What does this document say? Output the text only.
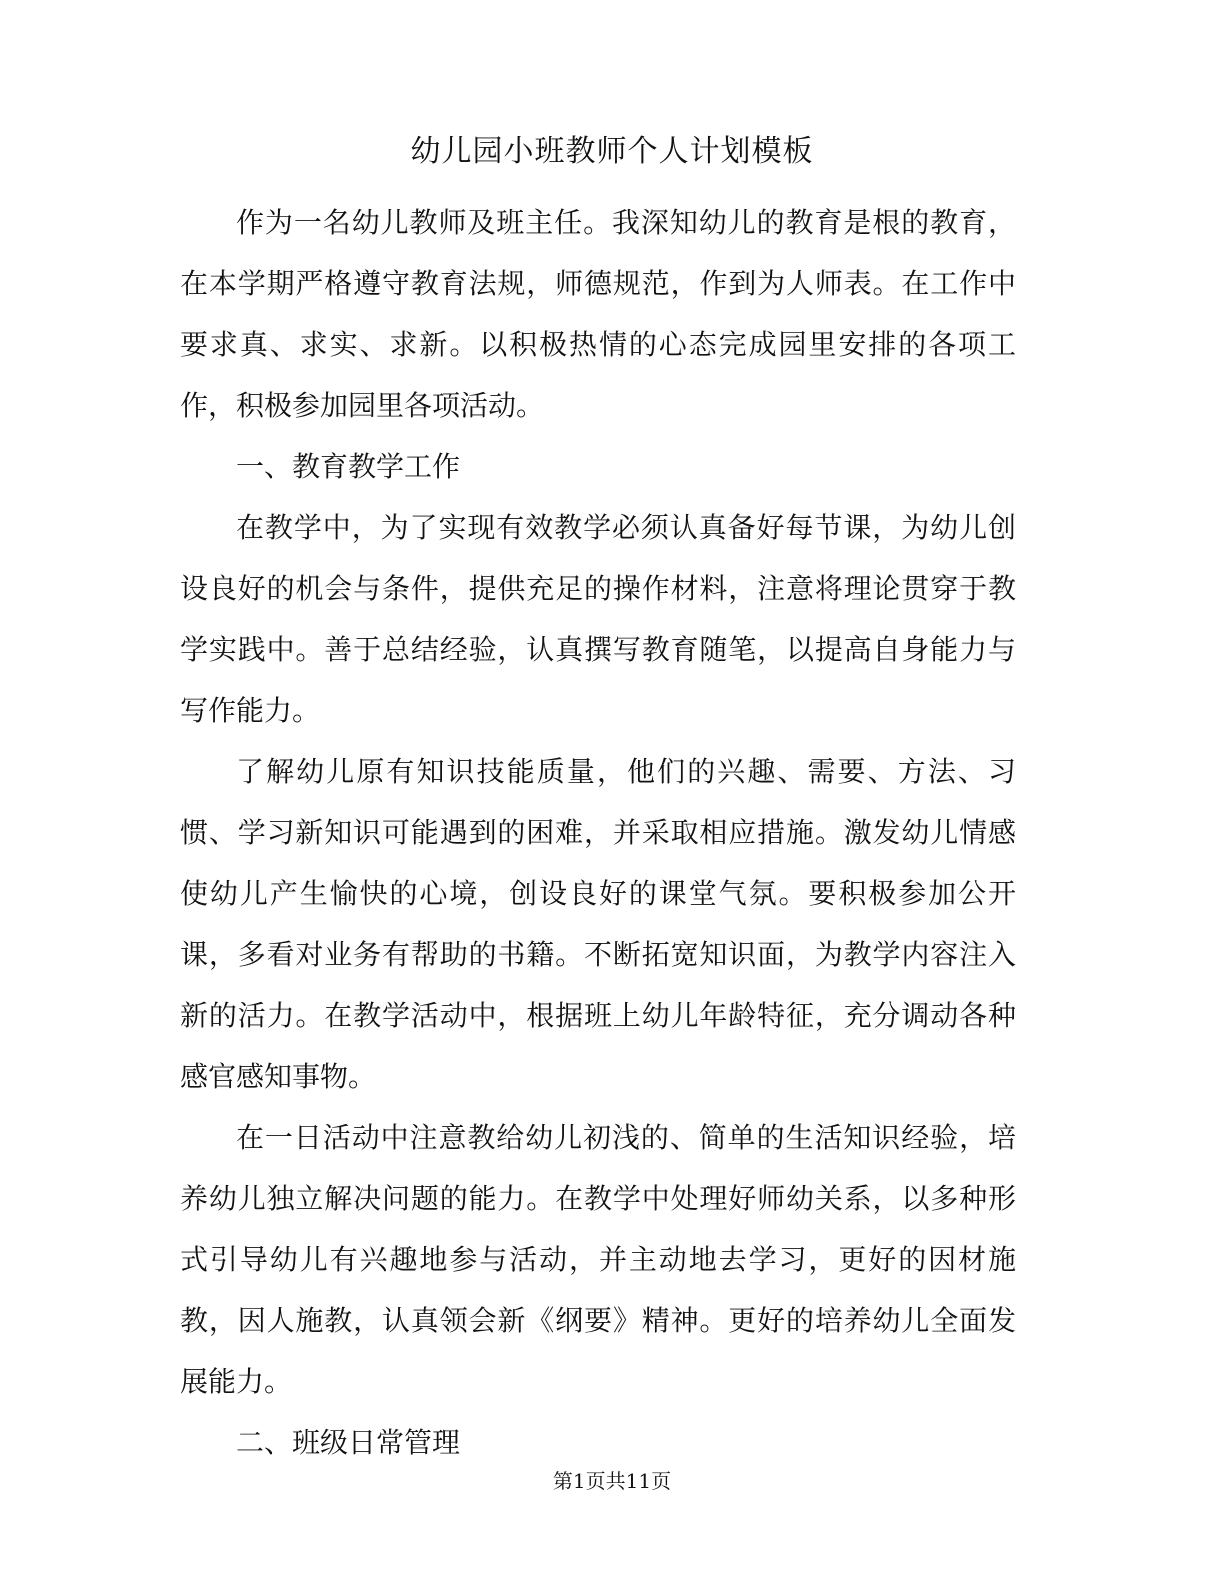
幼儿园小班教师个人计划模板

作为一名幼儿教师及班主任。我深知幼儿的教育是根的教育，在本学期严格遵守教育法规，师德规范，作到为人师表。在工作中要求真、求实、求新。以积极热情的心态完成园里安排的各项工作，积极参加园里各项活动。

一、教育教学工作

在教学中，为了实现有效教学必须认真备好每节课，为幼儿创设良好的机会与条件，提供充足的操作材料，注意将理论贯穿于教学实践中。善于总结经验，认真撰写教育随笔，以提高自身能力与写作能力。

了解幼儿原有知识技能质量，他们的兴趣、需要、方法、习惯、学习新知识可能遇到的困难，并采取相应措施。激发幼儿情感使幼儿产生愉快的心境，创设良好的课堂气氛。要积极参加公开课，多看对业务有帮助的书籍。不断拓宽知识面，为教学内容注入新的活力。在教学活动中，根据班上幼儿年龄特征，充分调动各种感官感知事物。

在一日活动中注意教给幼儿初浅的、简单的生活知识经验，培养幼儿独立解决问题的能力。在教学中处理好师幼关系，以多种形式引导幼儿有兴趣地参与活动，并主动地去学习，更好的因材施教，因人施教，认真领会新《纲要》精神。更好的培养幼儿全面发展能力。

二、班级日常管理

第1页共11页
